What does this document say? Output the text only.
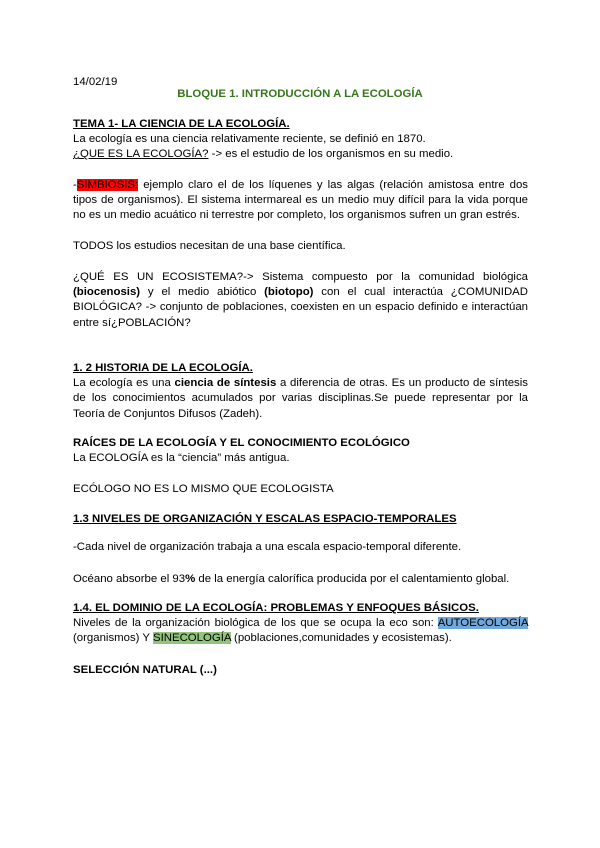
14/02/19
BLOQUE 1. INTRODUCCIÓN A LA ECOLOGÍA

TEMA 1- LA CIENCIA DE LA ECOLOGÍA.

La ecología es una ciencia relativamente reciente, se definió en 1870.

¿QUE ES LA ECOLOGÍA? -> es el estudio de los organismos en su medio.

-SIMBIOSIS: ejemplo claro el de los líquenes y las algas (relación amistosa entre dos tipos de organismos). El sistema intermareal es un medio muy difícil para la vida porque no es un medio acuático ni terrestre por completo, los organismos sufren un gran estrés.

TODOS los estudios necesitan de una base científica.

¿QUÉ ES UN ECOSISTEMA?-> Sistema compuesto por la comunidad biológica (biocenosis) y el medio abiótico (biotopo) con el cual interactúa ¿COMUNIDAD BIOLÓGICA? -> conjunto de poblaciones, coexisten en un espacio definido e interactúan entre sí¿POBLACIÓN?

1. 2 HISTORIA DE LA ECOLOGÍA.

La ecología es una ciencia de síntesis a diferencia de otras. Es un producto de síntesis de los conocimientos acumulados por varias disciplinas.Se puede representar por la Teoría de Conjuntos Difusos (Zadeh).

RAÍCES DE LA ECOLOGÍA Y EL CONOCIMIENTO ECOLÓGICO

La ECOLOGÍA es la “ciencia” más antigua.

ECÓLOGO NO ES LO MISMO QUE ECOLOGISTA

1.3 NIVELES DE ORGANIZACIÓN Y ESCALAS ESPACIO-TEMPORALES

-Cada nivel de organización trabaja a una escala espacio-temporal diferente.

Océano absorbe el 93% de la energía calorífica producida por el calentamiento global.

1.4. EL DOMINIO DE LA ECOLOGÍA: PROBLEMAS Y ENFOQUES BÁSICOS.

Niveles de la organización biológica de los que se ocupa la eco son: AUTOECOLOGÍA (organismos) Y SINECOLOGÍA (poblaciones,comunidades y ecosistemas).

SELECCIÓN NATURAL (...)
